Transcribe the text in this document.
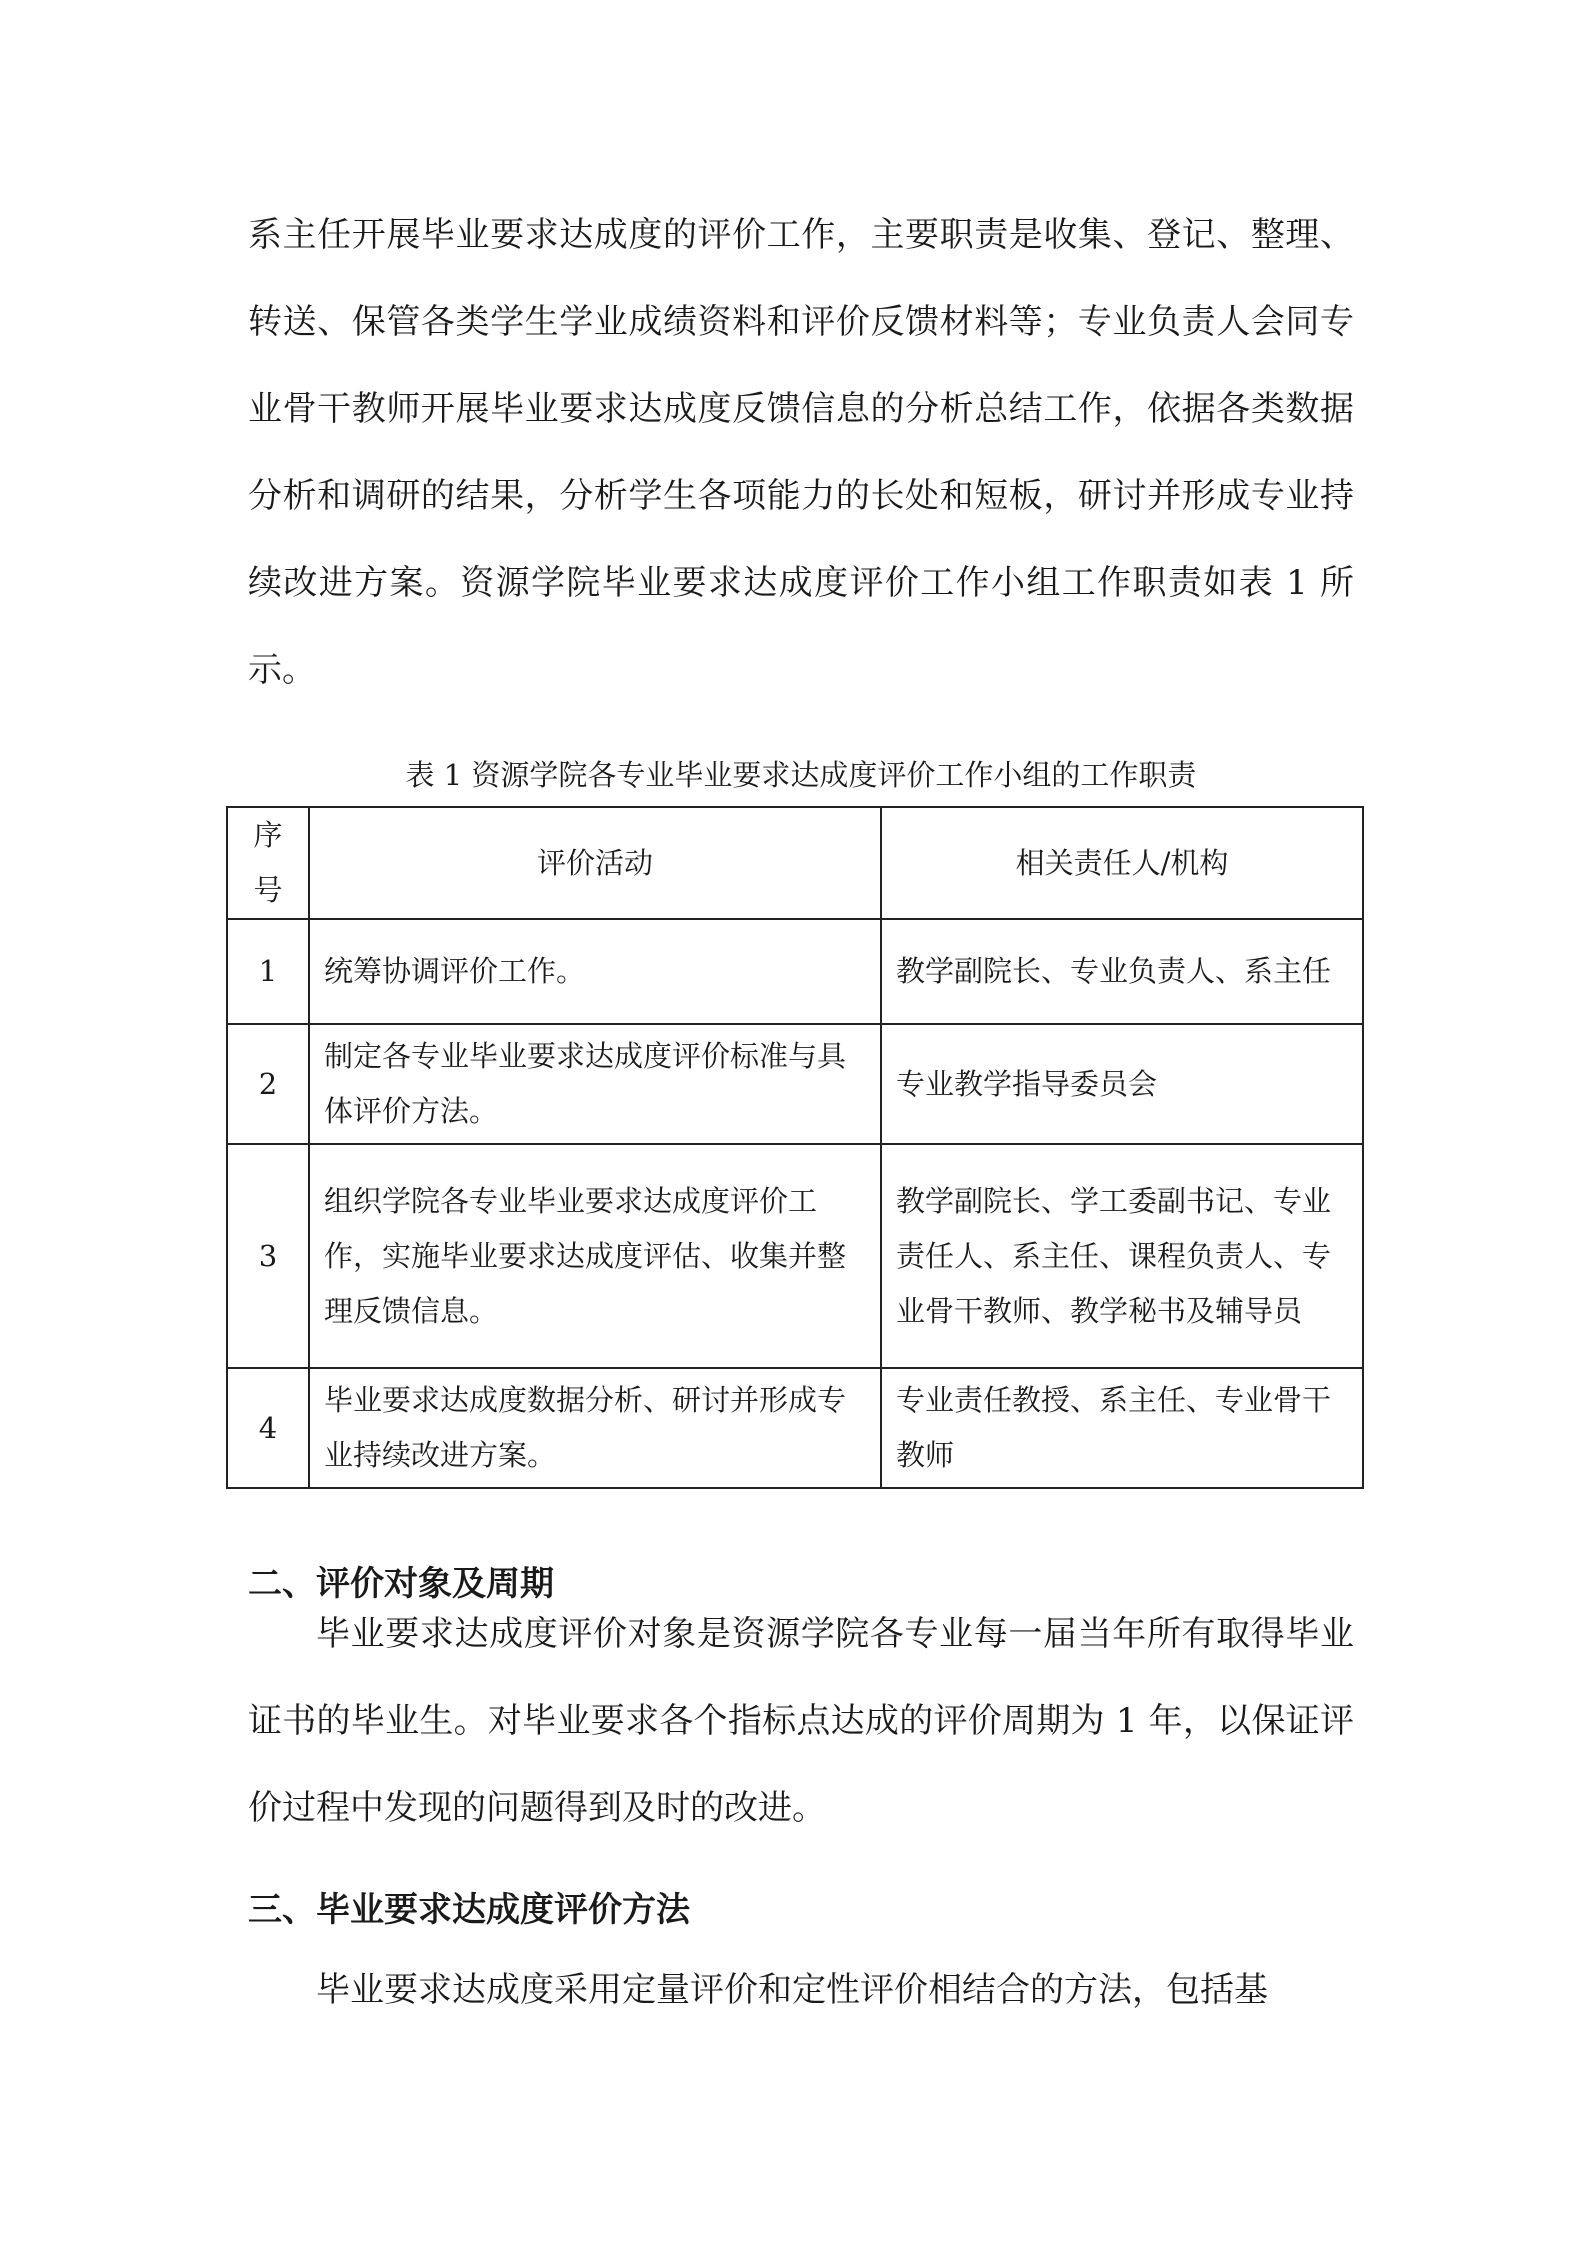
系主任开展毕业要求达成度的评价工作，主要职责是收集、登记、整理、转送、保管各类学生学业成绩资料和评价反馈材料等；专业负责人会同专业骨干教师开展毕业要求达成度反馈信息的分析总结工作，依据各类数据分析和调研的结果，分析学生各项能力的长处和短板，研讨并形成专业持续改进方案。资源学院毕业要求达成度评价工作小组工作职责如表 1 所示。

表 1 资源学院各专业毕业要求达成度评价工作小组的工作职责

序号	评价活动	相关责任人/机构
1	统筹协调评价工作。	教学副院长、专业负责人、系主任
2	制定各专业毕业要求达成度评价标准与具体评价方法。	专业教学指导委员会
3	组织学院各专业毕业要求达成度评价工作，实施毕业要求达成度评估、收集并整理反馈信息。	教学副院长、学工委副书记、专业责任人、系主任、课程负责人、专业骨干教师、教学秘书及辅导员
4	毕业要求达成度数据分析、研讨并形成专业持续改进方案。	专业责任教授、系主任、专业骨干教师
二、评价对象及周期

毕业要求达成度评价对象是资源学院各专业每一届当年所有取得毕业证书的毕业生。对毕业要求各个指标点达成的评价周期为 1 年，以保证评价过程中发现的问题得到及时的改进。

三、毕业要求达成度评价方法

毕业要求达成度采用定量评价和定性评价相结合的方法，包括基
